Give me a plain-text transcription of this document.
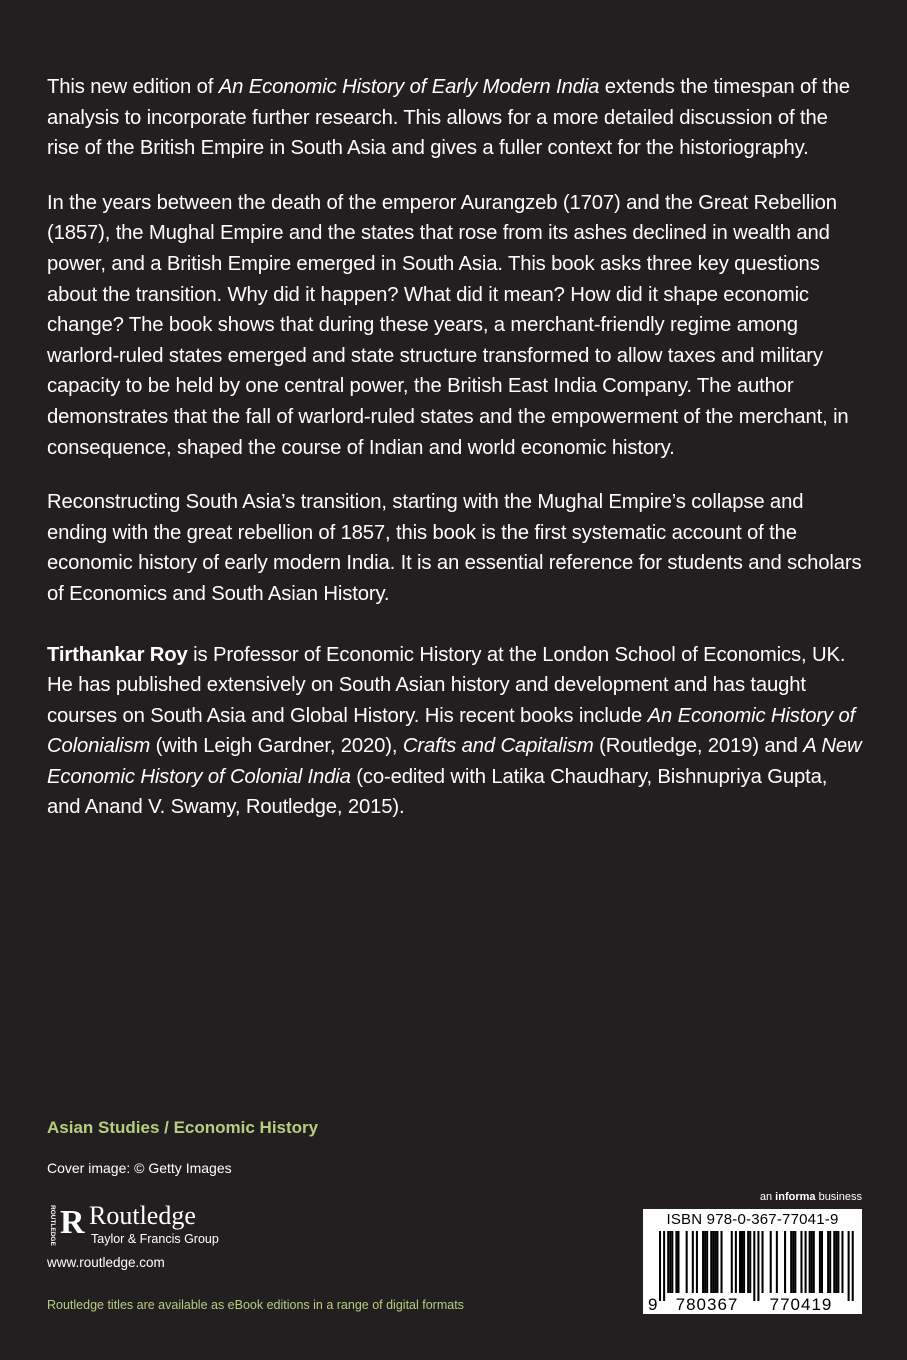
This new edition of An Economic History of Early Modern India extends the timespan of the analysis to incorporate further research. This allows for a more detailed discussion of the rise of the British Empire in South Asia and gives a fuller context for the historiography.

In the years between the death of the emperor Aurangzeb (1707) and the Great Rebellion (1857), the Mughal Empire and the states that rose from its ashes declined in wealth and power, and a British Empire emerged in South Asia. This book asks three key questions about the transition. Why did it happen? What did it mean? How did it shape economic change? The book shows that during these years, a merchant-friendly regime among warlord-ruled states emerged and state structure transformed to allow taxes and military capacity to be held by one central power, the British East India Company. The author demonstrates that the fall of warlord-ruled states and the empowerment of the merchant, in consequence, shaped the course of Indian and world economic history.

Reconstructing South Asia’s transition, starting with the Mughal Empire’s collapse and ending with the great rebellion of 1857, this book is the first systematic account of the economic history of early modern India. It is an essential reference for students and scholars of Economics and South Asian History.

Tirthankar Roy is Professor of Economic History at the London School of Economics, UK. He has published extensively on South Asian history and development and has taught courses on South Asia and Global History. His recent books include An Economic History of Colonialism (with Leigh Gardner, 2020), Crafts and Capitalism (Routledge, 2019) and A New Economic History of Colonial India (co-edited with Latika Chaudhary, Bishnupriya Gupta, and Anand V. Swamy, Routledge, 2015).

Asian Studies / Economic History
Cover image: © Getty Images
ROUTLEDGE R Routledge
Taylor & Francis Group
www.routledge.com
Routledge titles are available as eBook editions in a range of digital formats
an informa business
ISBN 978-0-367-77041-9
9 780367 770419
